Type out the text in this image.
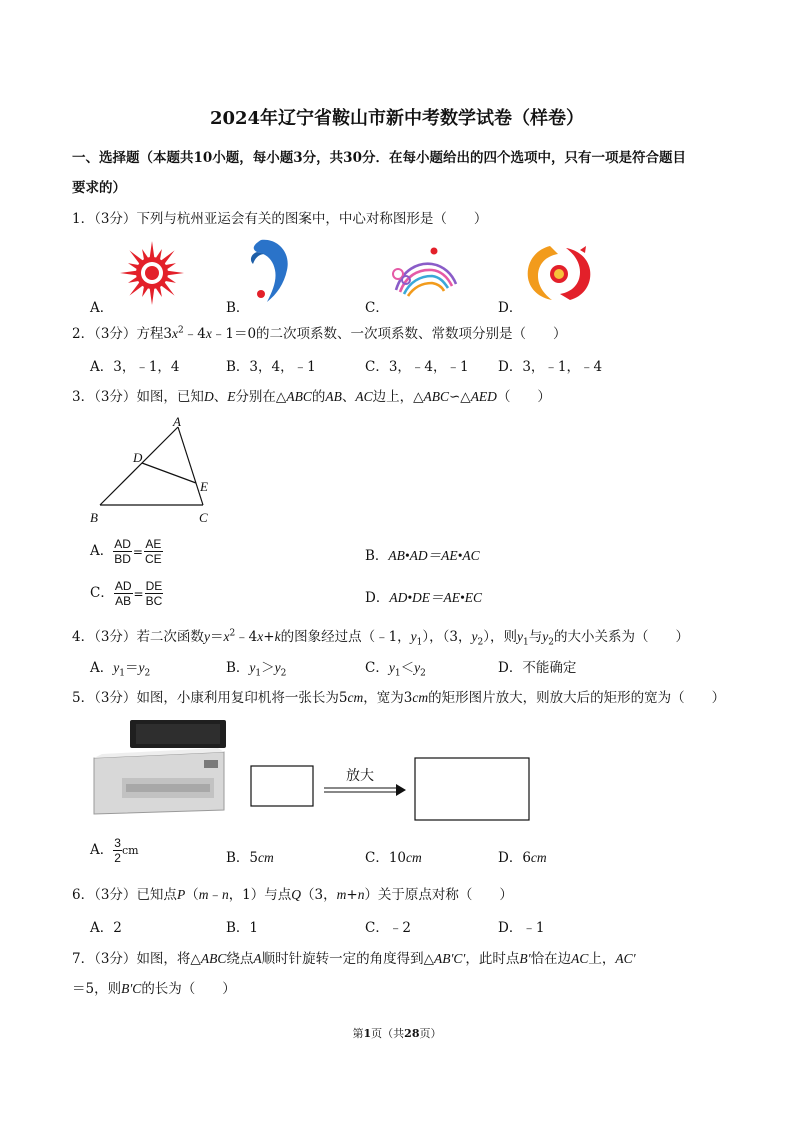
2024年辽宁省鞍山市新中考数学试卷（样卷）
一、选择题（本题共10小题，每小题3分，共30分．在每小题给出的四个选项中，只有一项是符合题目
要求的）
1．（3分）下列与杭州亚运会有关的图案中，中心对称图形是（　　）
A．	B．	C．	D．
2．（3分）方程$3x^2﹣4x﹣1=0$的二次项系数、一次项系数、常数项分别是（　　）
A．3，﹣1，4	B．3，4，﹣1	C．3，﹣4，﹣1 D．3，﹣1，﹣4
3．（3分）如图，已知D、E分别在△ABC的AB、AC边上，△ABC∽△AED（　　）
A
B	C
D
E
A． $\frac{AD}{BD} = \frac{AE}{CE}$	B．AB•AD＝AE•AC
C． $\frac{AD}{AB} = \frac{DE}{BC}$	D．AD•DE＝AE•EC
4．（3分）若二次函数$y=x^2﹣4x+k$的图象经过点（﹣1，$y_1$），（3，$y_2$），则$y_1$与$y_2$的大小关系为（　　）
A．$y_1=y_2$	B．$y_1>y_2$	C．$y_1<y_2$	D．不能确定
5．（3分）如图，小康利用复印机将一张长为5cm，宽为3cm的矩形图片放大，则放大后的矩形的宽为（　　）
放大
A． $\frac{3}{2}$ cm	B．5cm	C．10cm	D．6cm
6．（3分）已知点P（m﹣n，1）与点Q（3，m+n）关于原点对称（　　）
A．2	B．1	C．﹣2	D．﹣1
7．（3分）如图，将△ABC绕点A顺时针旋转一定的角度得到△AB′C′，此时点B′恰在边AC上，AC′
＝5，则B′C的长为（　　）
第1页（共28页）
